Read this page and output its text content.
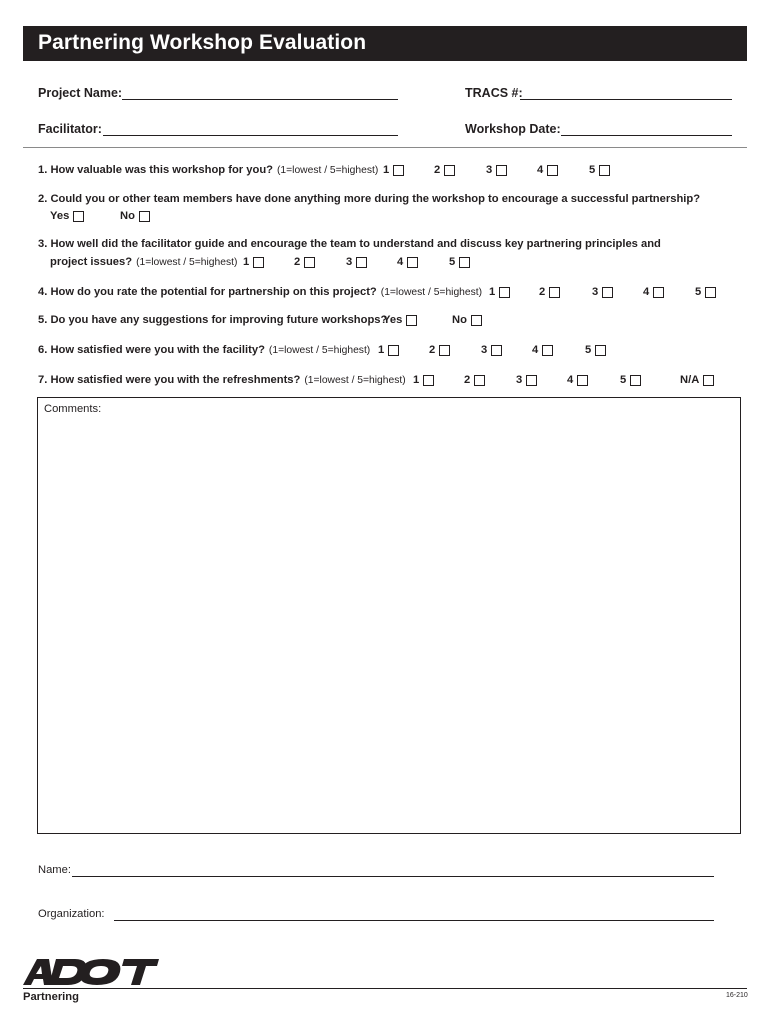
Partnering Workshop Evaluation
Project Name:	TRACS #:
Facilitator:	Workshop Date:
1. How valuable was this workshop for you? (1=lowest / 5=highest) 1	2	3	4	5
2. Could you or other team members have done anything more during the workshop to encourage a successful partnership?
Yes	No
3. How well did the facilitator guide and encourage the team to understand and discuss key partnering principles and
project issues? (1=lowest / 5=highest) 1	2	3	4	5
4. How do you rate the potential for partnership on this project? (1=lowest / 5=highest) 1	2	3	4	5
5. Do you have any suggestions for improving future workshops?
Yes	No
6. How satisfied were you with the facility? (1=lowest / 5=highest) 1	2	3	4	5
7. How satisfied were you with the refreshments? (1=lowest / 5=highest) 1	2	3	4	5	N/A
Comments:
Name:
Organization:
Partnering	16-210
